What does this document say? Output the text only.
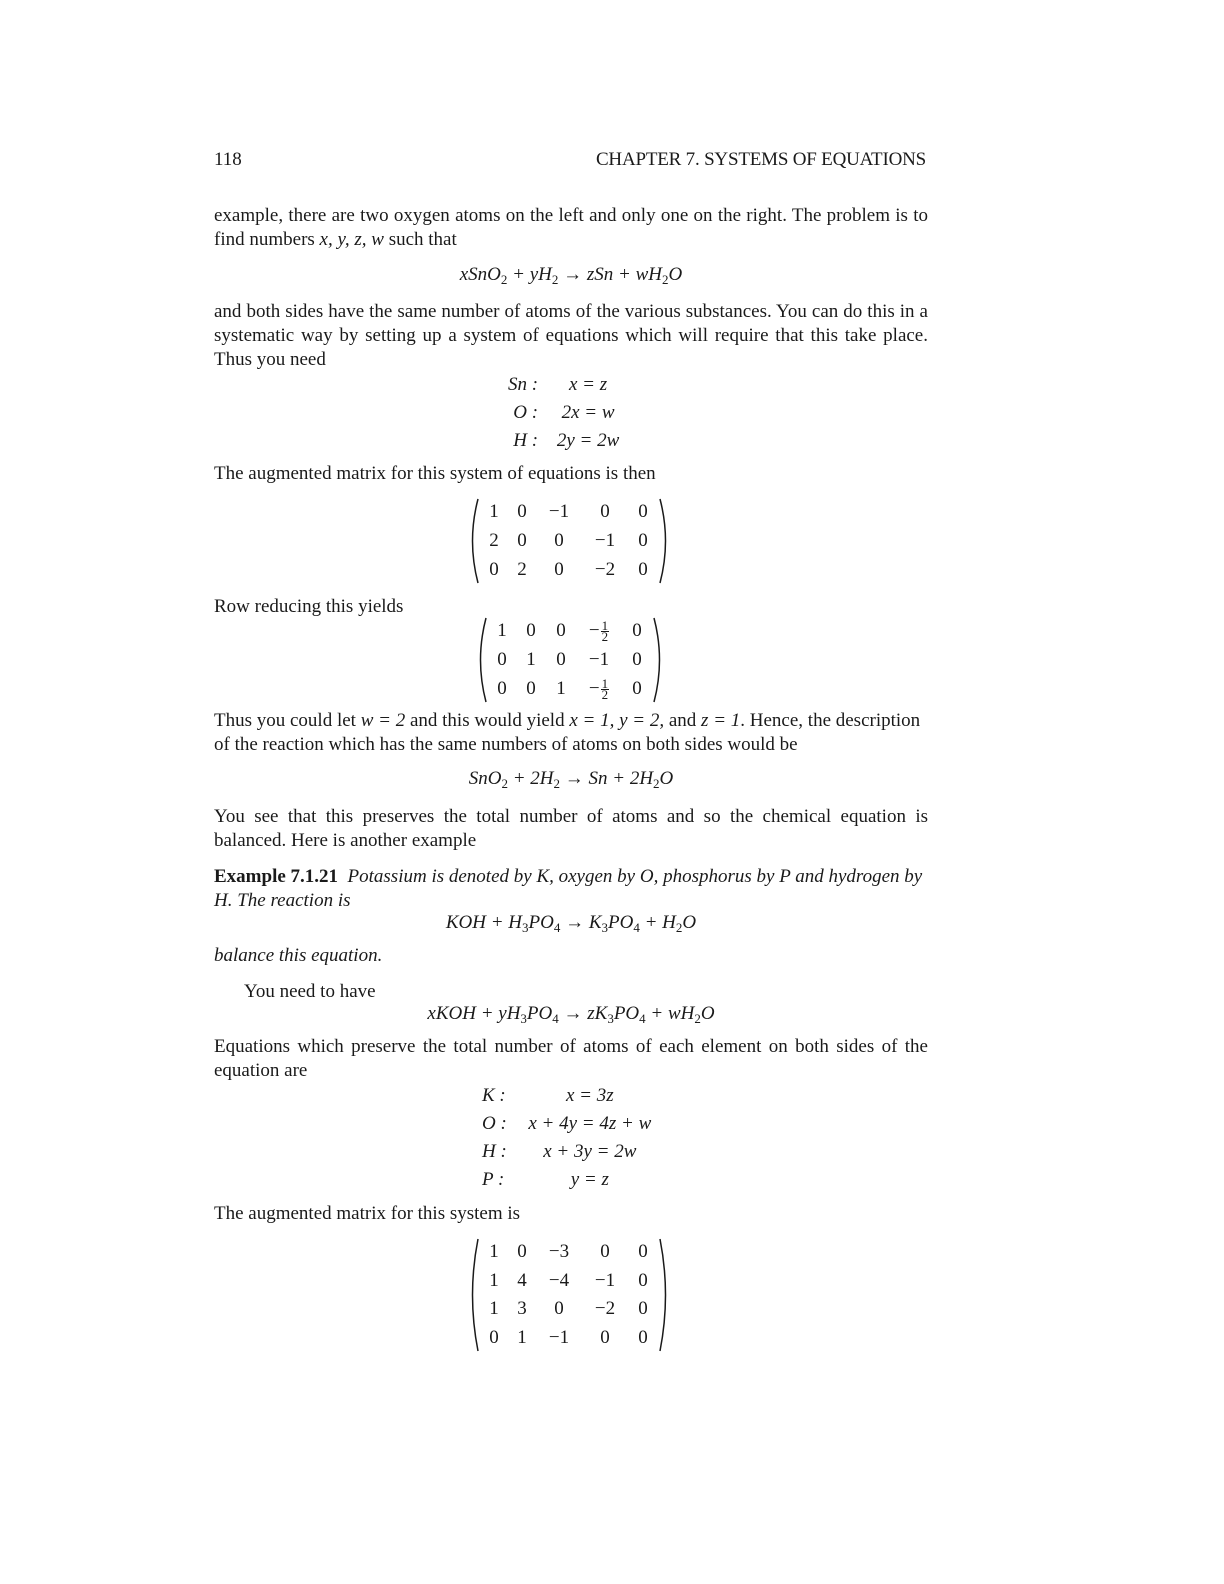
118	CHAPTER 7. SYSTEMS OF EQUATIONS
example, there are two oxygen atoms on the left and only one on the right. The problem is to find numbers x, y, z, w such that
xSnO$_2$ + $yH_2$ → zSn + $wH_2O$
and both sides have the same number of atoms of the various substances. You can do this in a systematic way by setting up a system of equations which will require that this take place. Thus you need
Sn :	x = z
O :	2x = w
H :	2y = 2w
The augmented matrix for this system of equations is then
1	0	−1	0	0
2	0	0	−1	0
0	2	0	−2	0
Row reducing this yields
1	0	0	− $\frac{1}{2}$	0
0	1	0	−1	0
0	0	1	− $\frac{1}{2}$	0
Thus you could let w = 2 and this would yield x = 1, y = 2, and z = 1. Hence, the description of the reaction which has the same numbers of atoms on both sides would be
$SnO_2 + 2H_2 \to Sn + 2H_2O$
You see that this preserves the total number of atoms and so the chemical equation is balanced. Here is another example
Example 7.1.21 Potassium is denoted by K, oxygen by O, phosphorus by P and hydrogen by H. The reaction is
KOH + $H_3PO_4 \to K_3PO_4 + H_2O$
balance this equation.
You need to have
xKOH + $yH_3PO_4 \to zK_3PO_4 + wH_2O$
Equations which preserve the total number of atoms of each element on both sides of the equation are
K :	x = 3z
O :	x + 4y = 4z + w
H :	x + 3y = 2w
P :	y = z
The augmented matrix for this system is
1	0	−3	0	0
1	4	−4	−1	0
1	3	0	−2	0
0	1	−1	0	0
